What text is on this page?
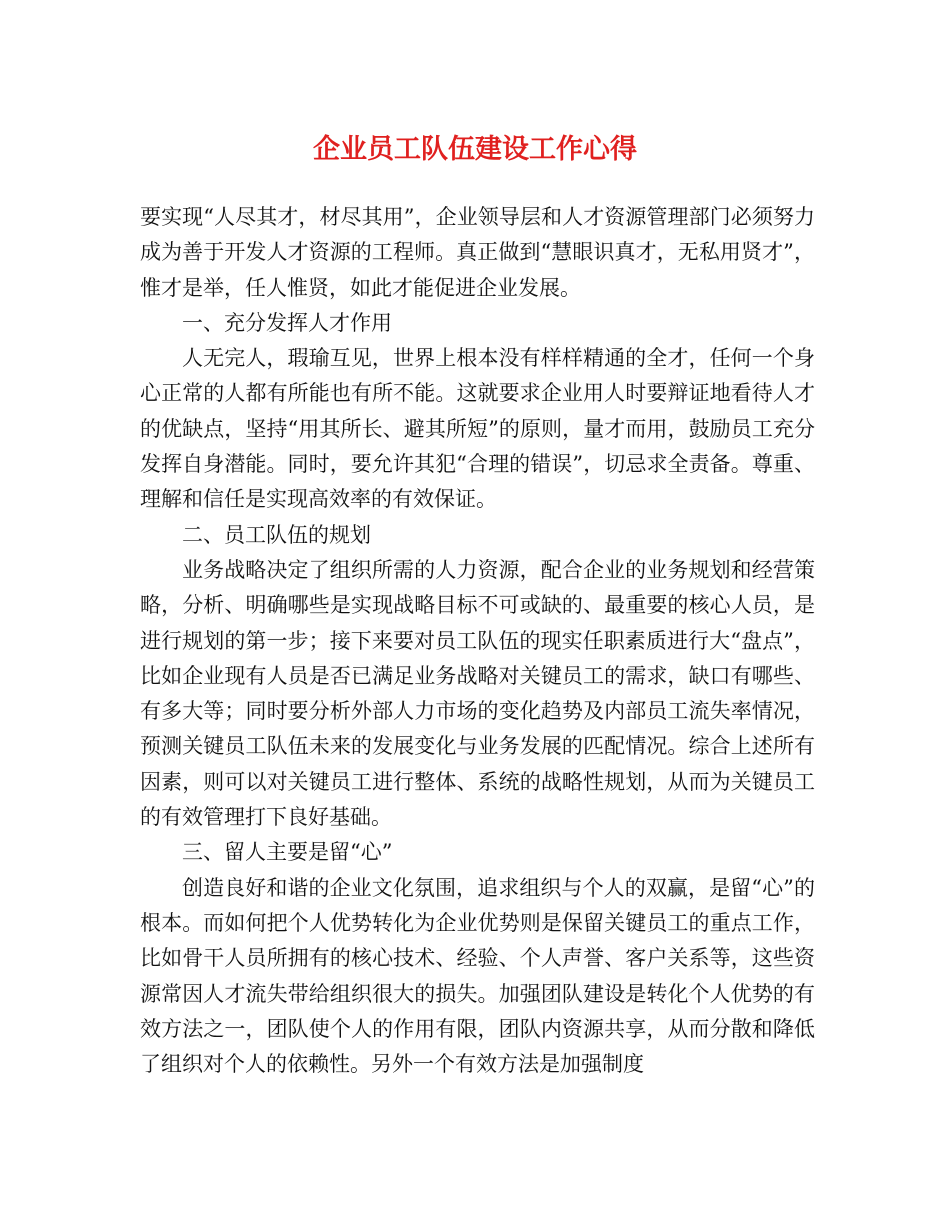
企业员工队伍建设工作心得

要实现“人尽其才，材尽其用”，企业领导层和人才资源管理部门必须努力成为善于开发人才资源的工程师。真正做到“慧眼识真才，无私用贤才”，惟才是举，任人惟贤，如此才能促进企业发展。

一、充分发挥人才作用

人无完人，瑕瑜互见，世界上根本没有样样精通的全才，任何一个身心正常的人都有所能也有所不能。这就要求企业用人时要辩证地看待人才的优缺点，坚持“用其所长、避其所短”的原则，量才而用，鼓励员工充分发挥自身潜能。同时，要允许其犯“合理的错误”，切忌求全责备。尊重、理解和信任是实现高效率的有效保证。

二、员工队伍的规划

业务战略决定了组织所需的人力资源，配合企业的业务规划和经营策略，分析、明确哪些是实现战略目标不可或缺的、最重要的核心人员，是进行规划的第一步；接下来要对员工队伍的现实任职素质进行大“盘点”，比如企业现有人员是否已满足业务战略对关键员工的需求，缺口有哪些、有多大等；同时要分析外部人力市场的变化趋势及内部员工流失率情况，预测关键员工队伍未来的发展变化与业务发展的匹配情况。综合上述所有因素，则可以对关键员工进行整体、系统的战略性规划，从而为关键员工的有效管理打下良好基础。

三、留人主要是留“心”

创造良好和谐的企业文化氛围，追求组织与个人的双赢，是留“心”的根本。而如何把个人优势转化为企业优势则是保留关键员工的重点工作，比如骨干人员所拥有的核心技术、经验、个人声誉、客户关系等，这些资源常因人才流失带给组织很大的损失。加强团队建设是转化个人优势的有效方法之一，团队使个人的作用有限，团队内资源共享，从而分散和降低了组织对个人的依赖性。另外一个有效方法是加强制度
